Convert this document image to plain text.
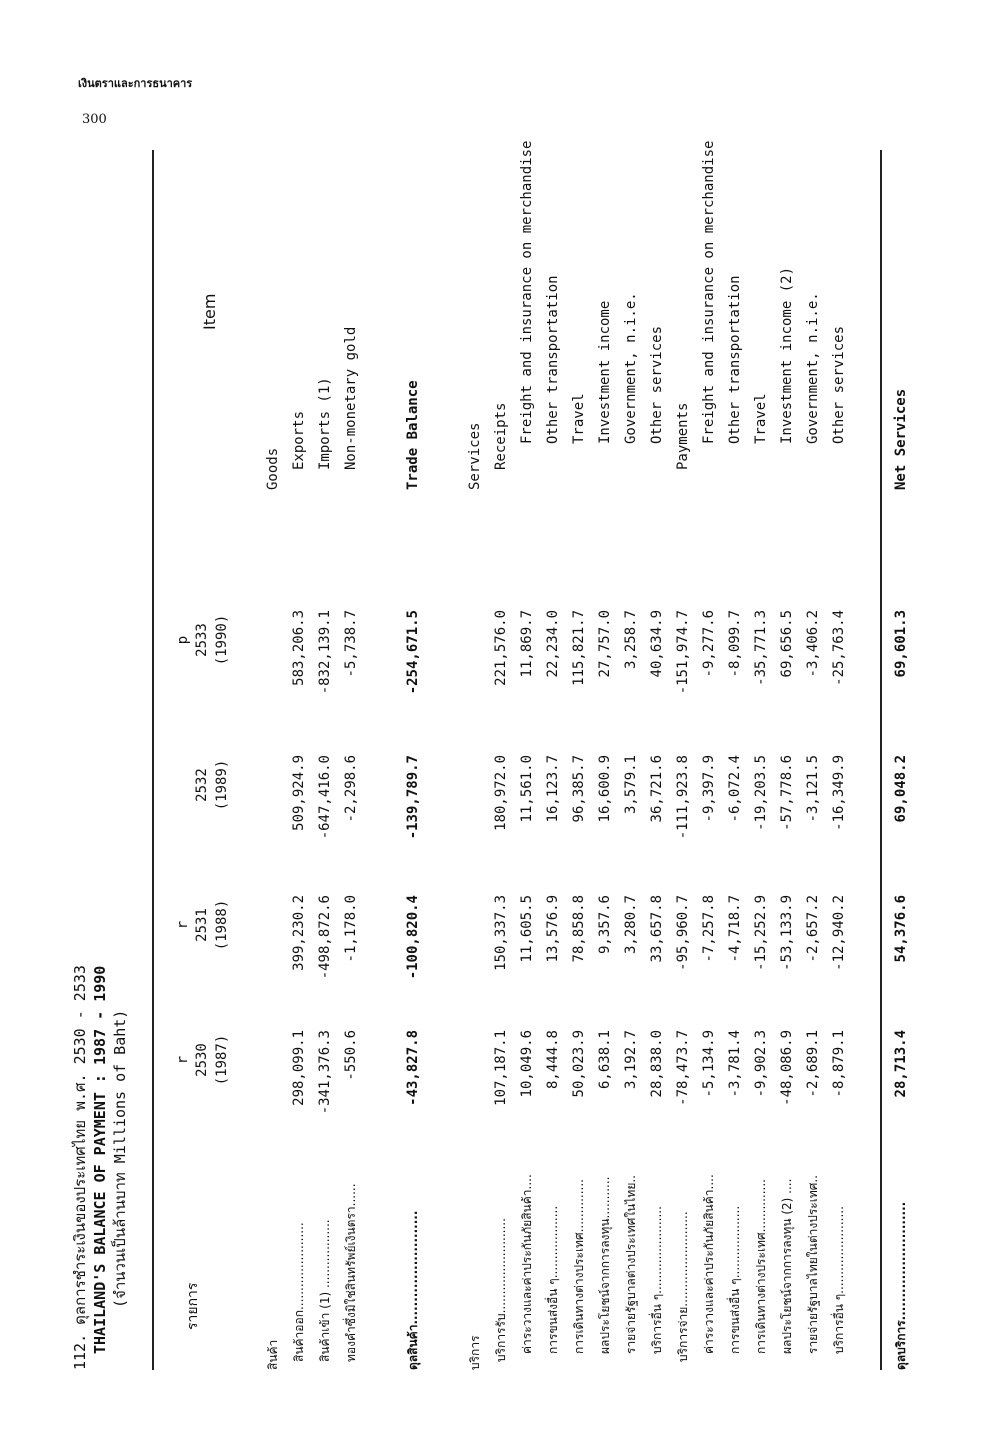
เงินตราและการธนาคาร
300
112. ดุลการชำระเงินของประเทศไทย พ.ศ. 2530 - 2533 THAILAND'S BALANCE OF PAYMENT : 1987 - 1990 (จำนวนเป็นล้านบาท Millions of Baht)	รายการ
r 2530 (1987)
r 2531 (1988)
2532 (1989)
p 2533 (1990)
Item
สินค้า
Goods
สินค้าออก.......................
298,099.1
399,230.2
509,924.9
583,206.3
Exports
สินค้าเข้า (1) ..................
-341,376.3
-498,872.6
-647,416.0
-832,139.1
Imports (1)
ทองคำซึ่งมิใช่สินทรัพย์เงินตรา......
-550.6
-1,178.0
-2,298.6
-5,738.7
Non-monetary gold
ดุลสินค้า.........................
-43,827.8
-100,820.4
-139,789.7
-254,671.5
Trade Balance
บริการ
Services
บริการรับ.........................
107,187.1
150,337.3
180,972.0
221,576.0
Receipts
ค่าระวางและค่าประกันภัยสินค้า....
10,049.6
11,605.5
11,561.0
11,869.7
Freight and insurance on merchandise
การขนส่งอื่น ๆ...................
8,444.8
13,576.9
16,123.7
22,234.0
Other transportation
การเดินทางต่างประเทศ..............
50,023.9
78,858.8
96,385.7
115,821.7
Travel
ผลประโยชน์จากการลงทุน...........
6,638.1
9,357.6
16,600.9
27,757.0
Investment income
รายจ่ายรัฐบาลต่างประเทศในไทย..
3,192.7
3,280.7
3,579.1
3,258.7
Government, n.i.e.
บริการอื่น ๆ.......................
28,838.0
33,657.8
36,721.6
40,634.9
Other services
บริการจ่าย.........................
-78,473.7
-95,960.7
-111,923.8
-151,974.7
Payments
ค่าระวางและค่าประกันภัยสินค้า....
-5,134.9
-7,257.8
-9,397.9
-9,277.6
Freight and insurance on merchandise
การขนส่งอื่น ๆ...................
-3,781.4
-4,718.7
-6,072.4
-8,099.7
Other transportation
การเดินทางต่างประเทศ..............
-9,902.3
-15,252.9
-19,203.5
-35,771.3
Travel
ผลประโยชน์จากการลงทุน (2) ....
-48,086.9
-53,133.9
-57,778.6
69,656.5
Investment income (2)
รายจ่ายรัฐบาลไทยในต่างประเทศ..
-2,689.1
-2,657.2
-3,121.5
-3,406.2
Government, n.i.e.
บริการอื่น ๆ.......................
-8,879.1
-12,940.2
-16,349.9
-25,763.4
Other services
ดุลบริการ..........................
28,713.4
54,376.6
69,048.2
69,601.3
Net Services
